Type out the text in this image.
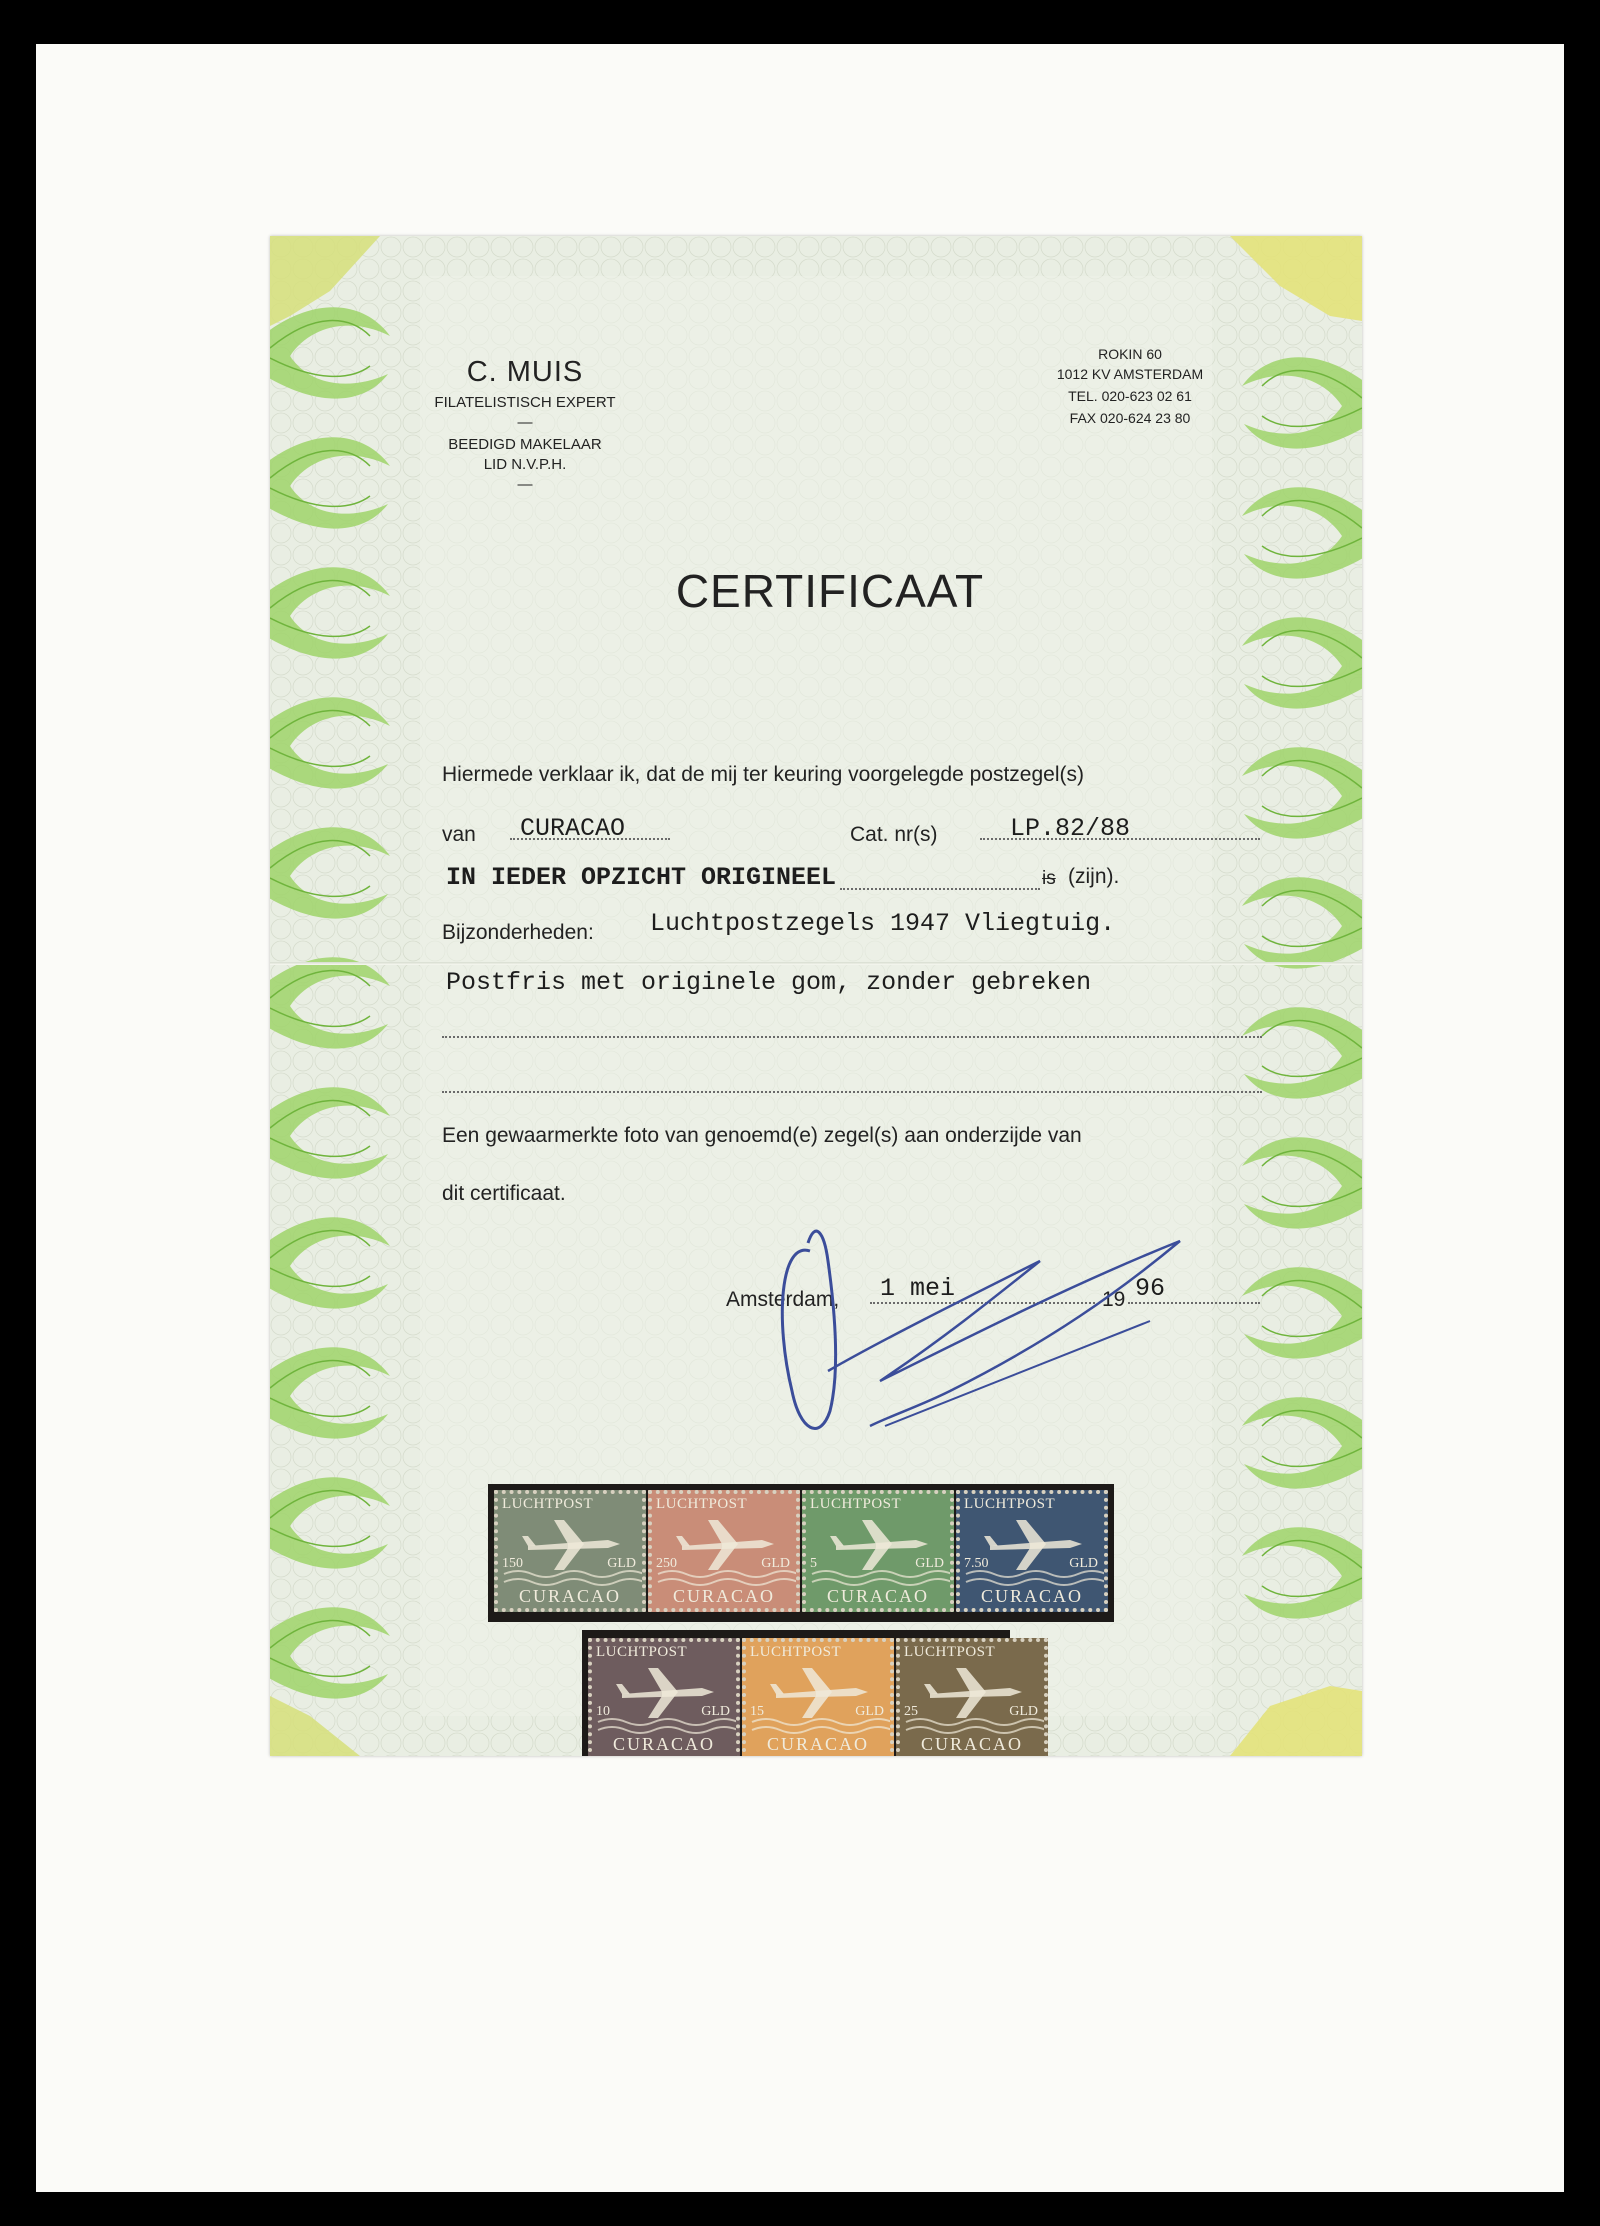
C. MUIS
FILATELISTISCH EXPERT
—
BEEDIGD MAKELAAR
LID N.V.P.H.
—
ROKIN 60
1012 KV AMSTERDAM
TEL. 020-623 02 61
FAX 020-624 23 80
CERTIFICAAT
Hiermede verklaar ik, dat de mij ter keuring voorgelegde postzegel(s)
van CURACAO	Cat. nr(s)	LP.82/88
IN IEDER OPZICHT ORIGINEEL	is (zijn).
Bijzonderheden: Luchtpostzegels 1947 Vliegtuig.
Postfris met originele gom, zonder gebreken
Een gewaarmerkte foto van genoemd(e) zegel(s) aan onderzijde van
dit certificaat.
Amsterdam, 1 mei	19 96
LUCHTPOST
150	GLD
CURACAO
LUCHTPOST
250	GLD
CURACAO
LUCHTPOST
5	GLD
CURACAO
LUCHTPOST
7.50	GLD
CURACAO
LUCHTPOST
10	GLD
CURACAO
LUCHTPOST
15	GLD
CURACAO
LUCHTPOST
25	GLD
CURACAO
